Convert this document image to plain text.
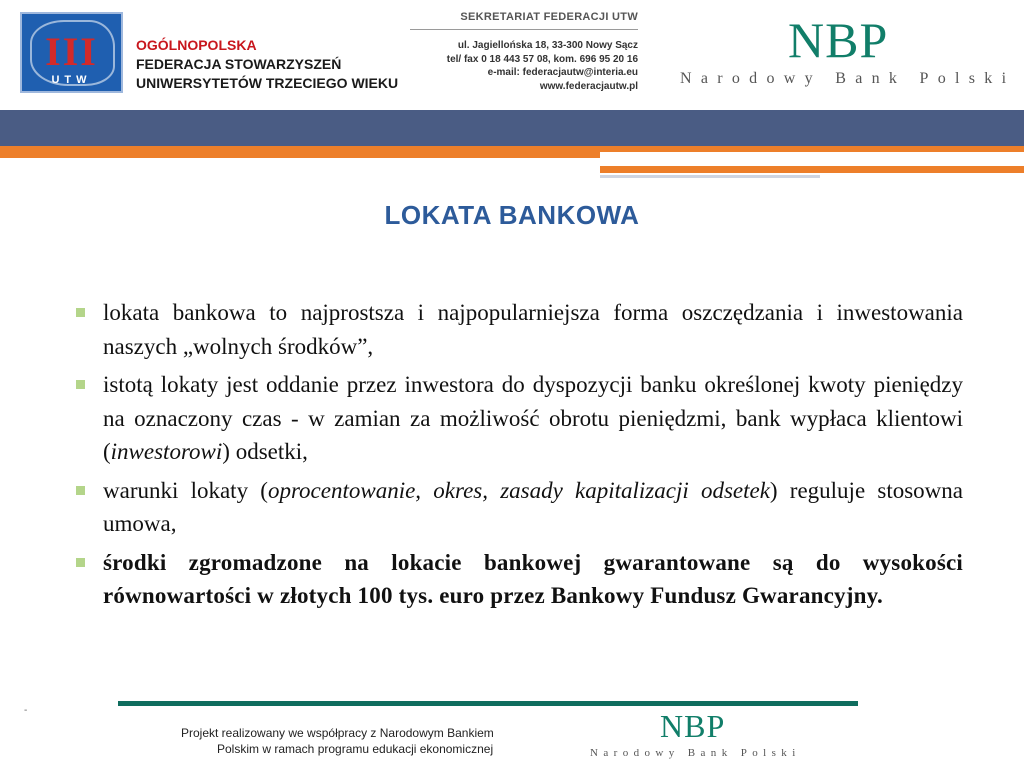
III
UTW
OGÓLNOPOLSKA
FEDERACJA STOWARZYSZEŃ
UNIWERSYTETÓW TRZECIEGO WIEKU
SEKRETARIAT FEDERACJI UTW
ul. Jagiellońska 18, 33-300 Nowy Sącz
tel/ fax 0 18 443 57 08, kom. 696 95 20 16
e-mail: federacjautw@interia.eu
www.federacjautw.pl
NBP
Narodowy Bank Polski
LOKATA BANKOWA
lokata bankowa to najprostsza i najpopularniejsza forma oszczędzania i inwestowania naszych „wolnych środków”,
istotą lokaty jest oddanie przez inwestora do dyspozycji banku określonej kwoty pieniędzy na oznaczony czas - w zamian za możliwość obrotu pieniędzmi, bank wypłaca klientowi (inwestorowi) odsetki,
warunki lokaty (oprocentowanie, okres, zasady kapitalizacji odsetek) reguluje stosowna umowa,
środki zgromadzone na lokacie bankowej gwarantowane są do wysokości równowartości w złotych 100 tys. euro przez Bankowy Fundusz Gwarancyjny.
-
Projekt realizowany we współpracy z Narodowym Bankiem
Polskim w ramach programu edukacji ekonomicznej
NBP
Narodowy Bank Polski
